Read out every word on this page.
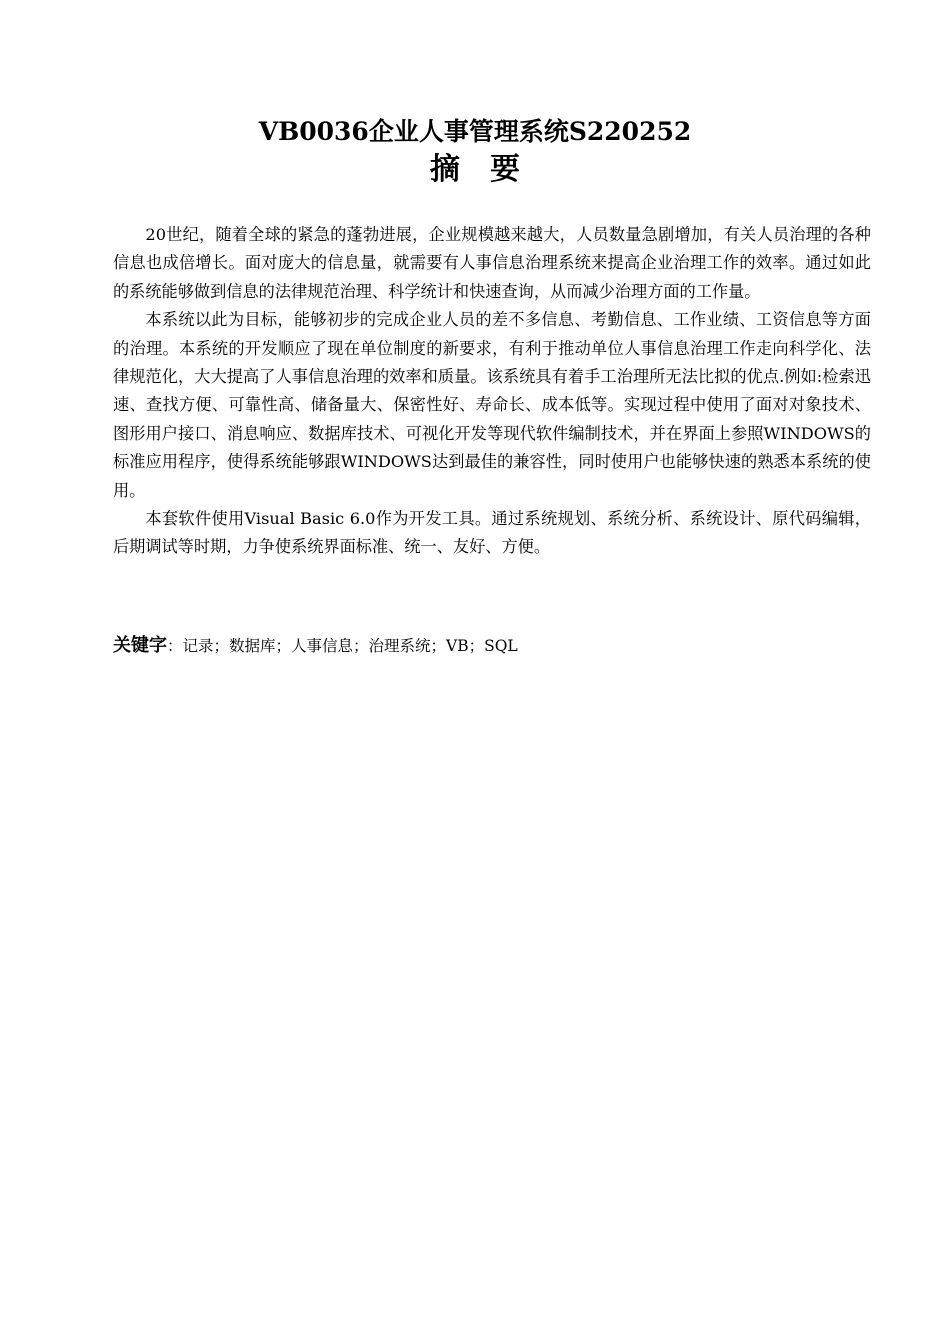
VB0036企业人事管理系统S220252
摘要

20世纪，随着全球的紧急的蓬勃进展，企业规模越来越大，人员数量急剧增加，有关人员治理的各种信息也成倍增长。面对庞大的信息量，就需要有人事信息治理系统来提高企业治理工作的效率。通过如此的系统能够做到信息的法律规范治理、科学统计和快速查询，从而减少治理方面的工作量。

本系统以此为目标，能够初步的完成企业人员的差不多信息、考勤信息、工作业绩、工资信息等方面的治理。本系统的开发顺应了现在单位制度的新要求，有利于推动单位人事信息治理工作走向科学化、法律规范化，大大提高了人事信息治理的效率和质量。该系统具有着手工治理所无法比拟的优点.例如:检索迅速、查找方便、可靠性高、储备量大、保密性好、寿命长、成本低等。实现过程中使用了面对对象技术、图形用户接口、消息响应、数据库技术、可视化开发等现代软件编制技术，并在界面上参照WINDOWS的标准应用程序，使得系统能够跟WINDOWS达到最佳的兼容性，同时使用户也能够快速的熟悉本系统的使用。

本套软件使用Visual Basic 6.0作为开发工具。通过系统规划、系统分析、系统设计、原代码编辑，后期调试等时期，力争使系统界面标准、统一、友好、方便。

关键字：记录；数据库；人事信息；治理系统；VB；SQL
